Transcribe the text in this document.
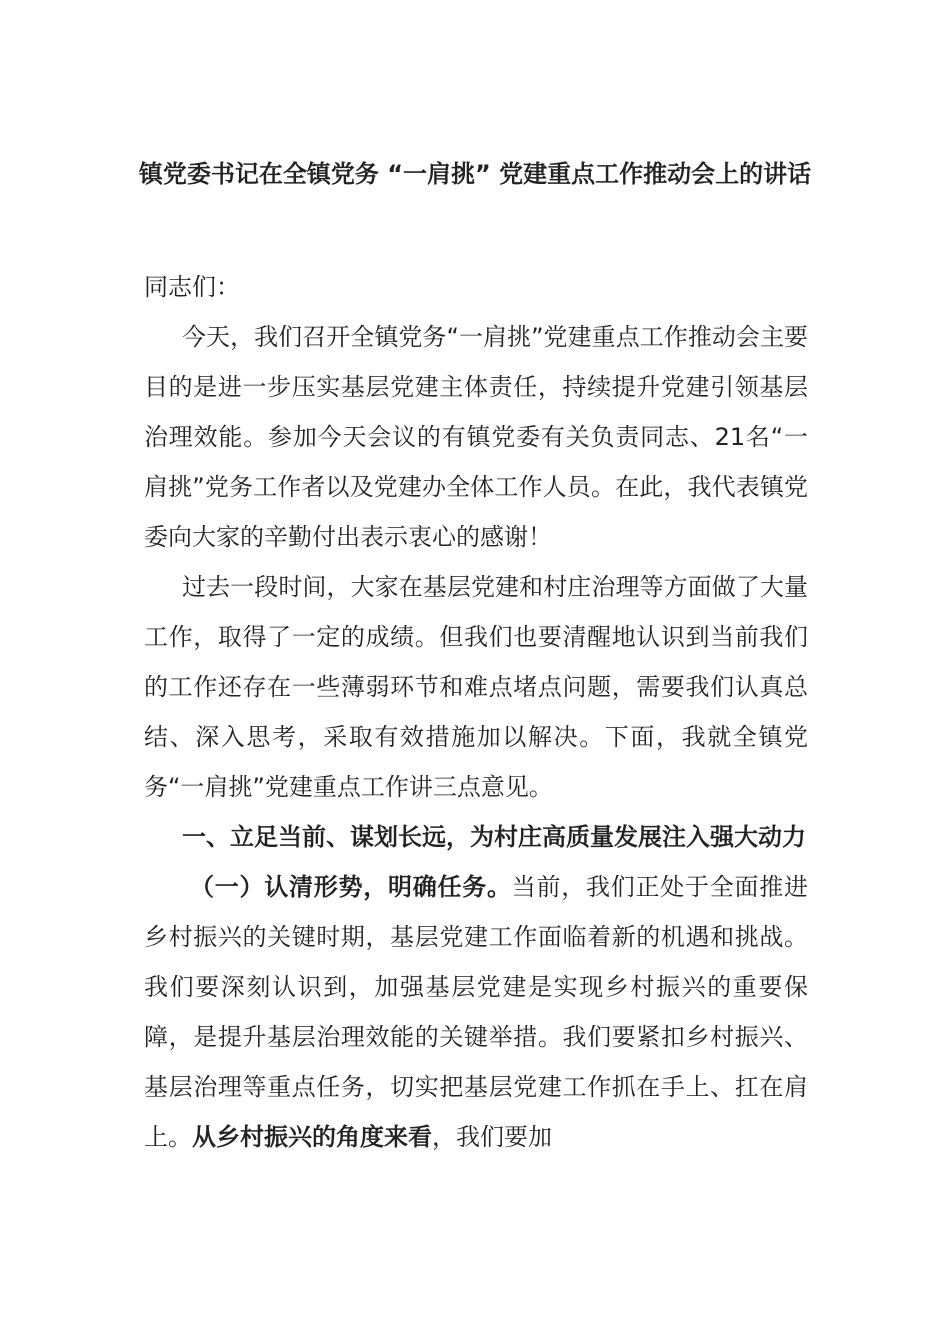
镇党委书记在全镇党务 “一肩挑” 党建重点工作推动会上的讲话

同志们：

今天，我们召开全镇党务“一肩挑”党建重点工作推动会主要目的是进一步压实基层党建主体责任，持续提升党建引领基层治理效能。参加今天会议的有镇党委有关负责同志、21名“一肩挑”党务工作者以及党建办全体工作人员。在此，我代表镇党委向大家的辛勤付出表示衷心的感谢！

过去一段时间，大家在基层党建和村庄治理等方面做了大量工作，取得了一定的成绩。但我们也要清醒地认识到当前我们的工作还存在一些薄弱环节和难点堵点问题，需要我们认真总结、深入思考，采取有效措施加以解决。下面，我就全镇党务“一肩挑”党建重点工作讲三点意见。

一、立足当前、谋划长远，为村庄高质量发展注入强大动力

（一）认清形势，明确任务。当前，我们正处于全面推进乡村振兴的关键时期，基层党建工作面临着新的机遇和挑战。我们要深刻认识到，加强基层党建是实现乡村振兴的重要保障，是提升基层治理效能的关键举措。我们要紧扣乡村振兴、基层治理等重点任务，切实把基层党建工作抓在手上、扛在肩上。从乡村振兴的角度来看，我们要加
